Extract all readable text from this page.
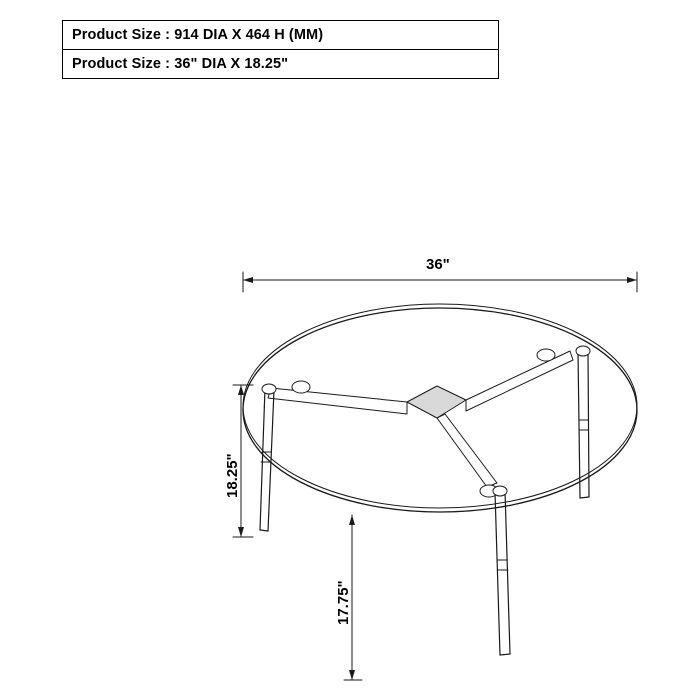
Product Size : 914 DIA X 464 H (MM)
Product Size : 36" DIA X 18.25"
36"
18.25"
17.75"
